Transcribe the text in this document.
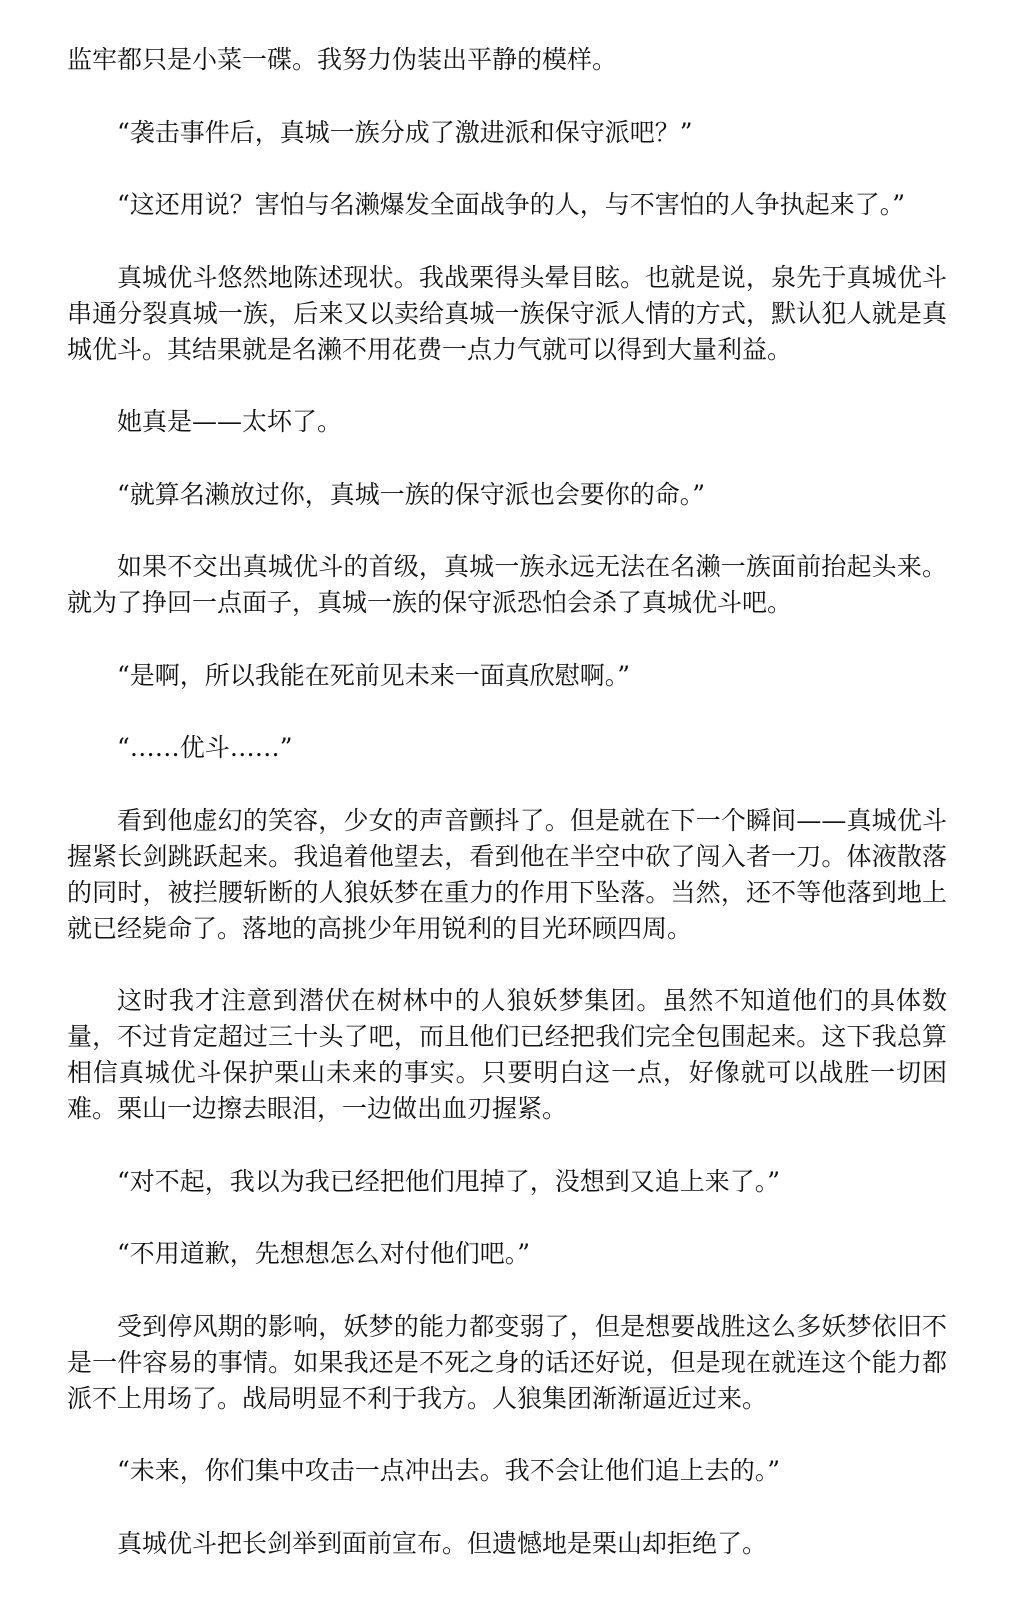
监牢都只是小菜一碟。我努力伪装出平静的模样。

“袭击事件后，真城一族分成了激进派和保守派吧？”

“这还用说？害怕与名濑爆发全面战争的人，与不害怕的人争执起来了。”

真城优斗悠然地陈述现状。我战栗得头晕目眩。也就是说，泉先于真城优斗串通分裂真城一族，后来又以卖给真城一族保守派人情的方式，默认犯人就是真城优斗。其结果就是名濑不用花费一点力气就可以得到大量利益。

她真是——太坏了。

“就算名濑放过你，真城一族的保守派也会要你的命。”

如果不交出真城优斗的首级，真城一族永远无法在名濑一族面前抬起头来。就为了挣回一点面子，真城一族的保守派恐怕会杀了真城优斗吧。

“是啊，所以我能在死前见未来一面真欣慰啊。”

“……优斗……”

看到他虚幻的笑容，少女的声音颤抖了。但是就在下一个瞬间——真城优斗握紧长剑跳跃起来。我追着他望去，看到他在半空中砍了闯入者一刀。体液散落的同时，被拦腰斩断的人狼妖梦在重力的作用下坠落。当然，还不等他落到地上就已经毙命了。落地的高挑少年用锐利的目光环顾四周。

这时我才注意到潜伏在树林中的人狼妖梦集团。虽然不知道他们的具体数量，不过肯定超过三十头了吧，而且他们已经把我们完全包围起来。这下我总算相信真城优斗保护栗山未来的事实。只要明白这一点，好像就可以战胜一切困难。栗山一边擦去眼泪，一边做出血刃握紧。

“对不起，我以为我已经把他们甩掉了，没想到又追上来了。”

“不用道歉，先想想怎么对付他们吧。”

受到停风期的影响，妖梦的能力都变弱了，但是想要战胜这么多妖梦依旧不是一件容易的事情。如果我还是不死之身的话还好说，但是现在就连这个能力都派不上用场了。战局明显不利于我方。人狼集团渐渐逼近过来。

“未来，你们集中攻击一点冲出去。我不会让他们追上去的。”

真城优斗把长剑举到面前宣布。但遗憾地是栗山却拒绝了。
